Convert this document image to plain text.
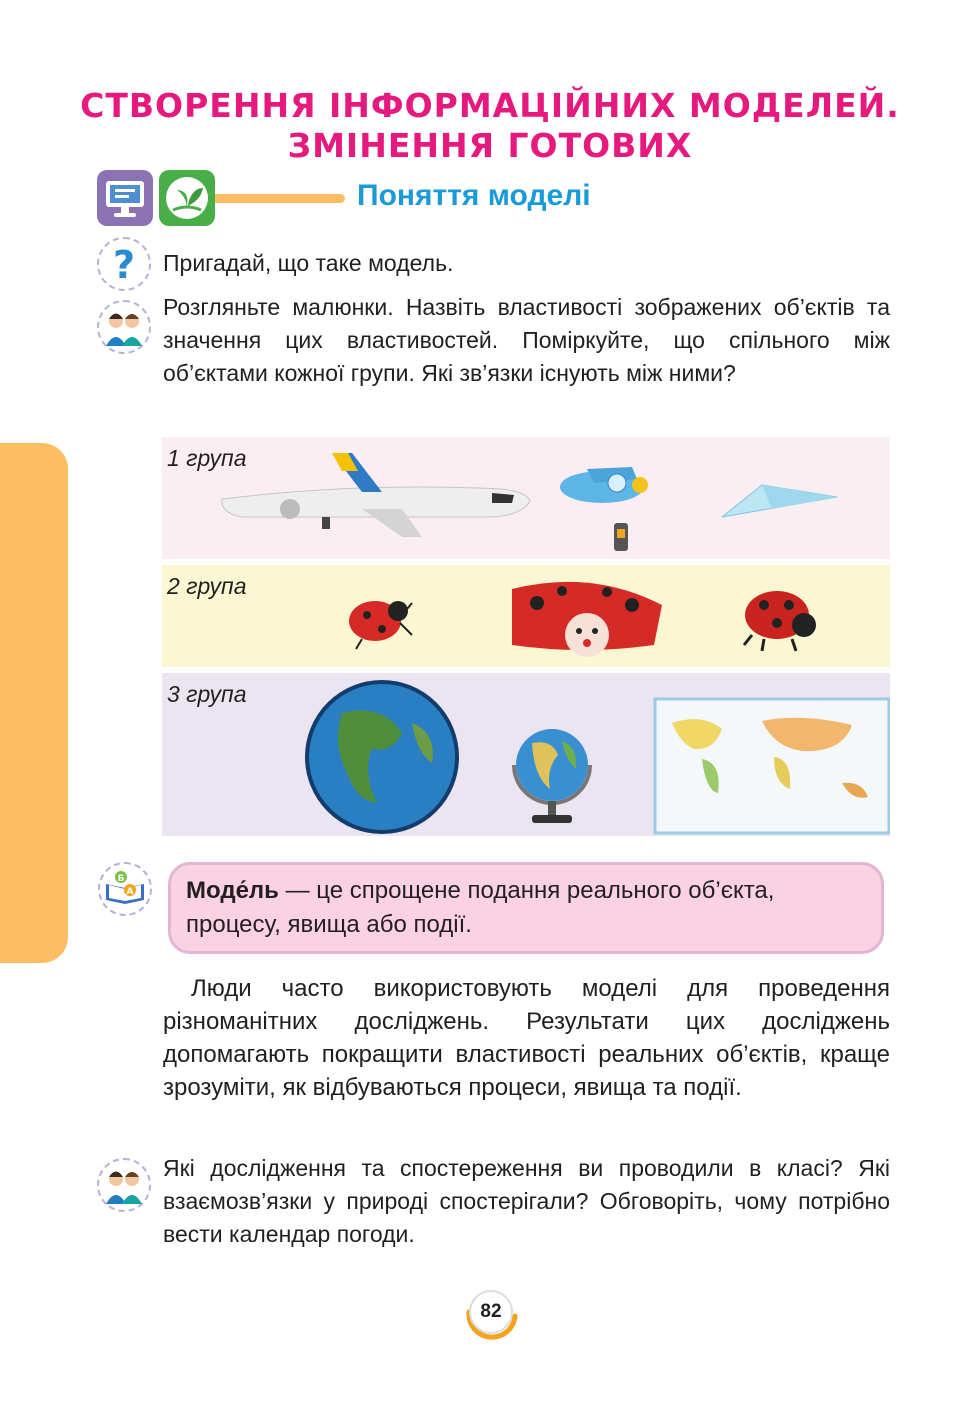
СТВОРЕННЯ ІНФОРМАЦІЙНИХ МОДЕЛЕЙ.
ЗМІНЕННЯ ГОТОВИХ
Поняття моделі
? Пригадай, що таке модель.
Розгляньте малюнки. Назвіть властивості зображених об’єктів та значення цих властивостей. Поміркуйте, що спільного між об’єктами кожної групи. Які зв’язки існують між ними?
1 група
2 група
3 група
Б
А Моде́ль — це спрощене подання реального об’єкта, процесу, явища або події.
Люди часто використовують моделі для проведення різноманітних досліджень. Результати цих досліджень допомагають покращити властивості реальних об’єктів, краще зрозуміти, як відбуваються процеси, явища та події.
Які дослідження та спостереження ви проводили в класі? Які взаємозв’язки у природі спостерігали? Обговоріть, чому потрібно вести календар погоди.
82
